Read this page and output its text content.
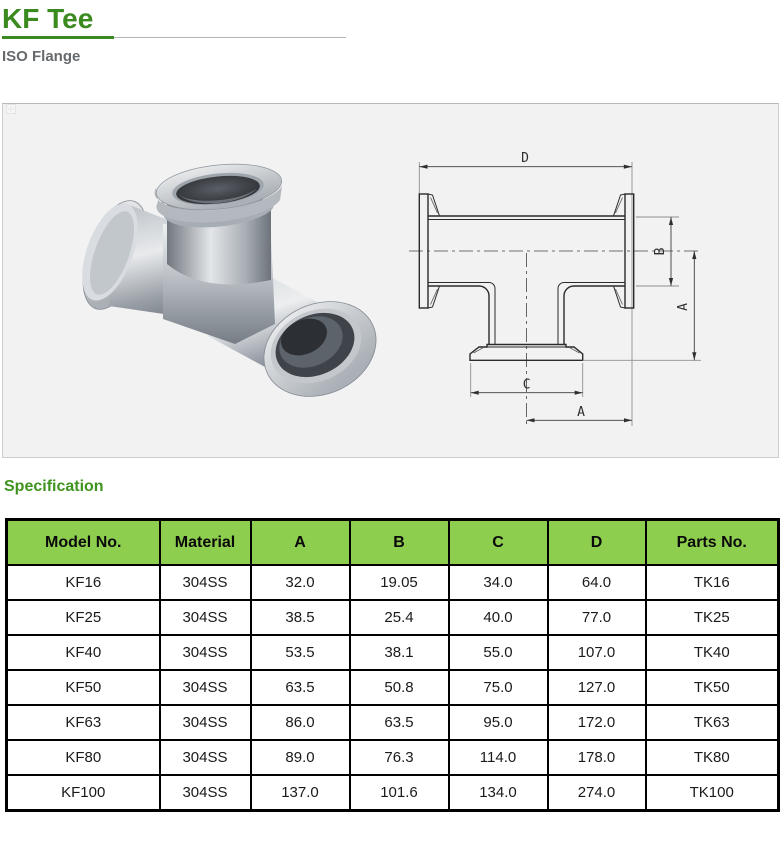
KF Tee
ISO Flange
D
B
A
C
A
Specification
Model No.	Material	A	B	C	D	Parts No.
KF16	304SS	32.0	19.05	34.0	64.0	TK16
KF25	304SS	38.5	25.4	40.0	77.0	TK25
KF40	304SS	53.5	38.1	55.0	107.0	TK40
KF50	304SS	63.5	50.8	75.0	127.0	TK50
KF63	304SS	86.0	63.5	95.0	172.0	TK63
KF80	304SS	89.0	76.3	114.0	178.0	TK80
KF100	304SS	137.0	101.6	134.0	274.0	TK100
